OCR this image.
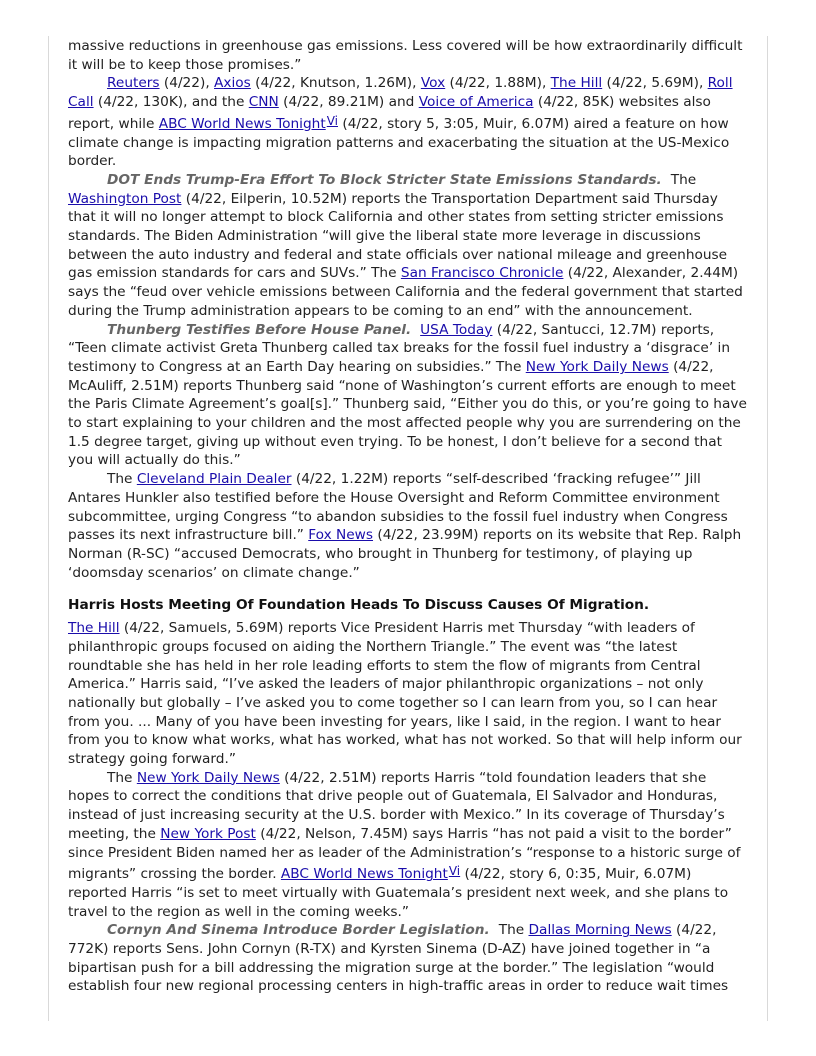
massive reductions in greenhouse gas emissions. Less covered will be how extraordinarily difficult it will be to keep those promises.”

Reuters (4/22), Axios (4/22, Knutson, 1.26M), Vox (4/22, 1.88M), The Hill (4/22, 5.69M), Roll Call (4/22, 130K), and the CNN (4/22, 89.21M) and Voice of America (4/22, 85K) websites also report, while ABC World News TonightVi (4/22, story 5, 3:05, Muir, 6.07M) aired a feature on how climate change is impacting migration patterns and exacerbating the situation at the US-Mexico border.

DOT Ends Trump-Era Effort To Block Stricter State Emissions Standards. The Washington Post (4/22, Eilperin, 10.52M) reports the Transportation Department said Thursday that it will no longer attempt to block California and other states from setting stricter emissions standards. The Biden Administration “will give the liberal state more leverage in discussions between the auto industry and federal and state officials over national mileage and greenhouse gas emission standards for cars and SUVs.” The San Francisco Chronicle (4/22, Alexander, 2.44M) says the “feud over vehicle emissions between California and the federal government that started during the Trump administration appears to be coming to an end” with the announcement.

Thunberg Testifies Before House Panel. USA Today (4/22, Santucci, 12.7M) reports, “Teen climate activist Greta Thunberg called tax breaks for the fossil fuel industry a ‘disgrace’ in testimony to Congress at an Earth Day hearing on subsidies.” The New York Daily News (4/22, McAuliff, 2.51M) reports Thunberg said “none of Washington’s current efforts are enough to meet the Paris Climate Agreement’s goal[s].” Thunberg said, “Either you do this, or you’re going to have to start explaining to your children and the most affected people why you are surrendering on the 1.5 degree target, giving up without even trying. To be honest, I don’t believe for a second that you will actually do this.”

The Cleveland Plain Dealer (4/22, 1.22M) reports “self-described ‘fracking refugee’” Jill Antares Hunkler also testified before the House Oversight and Reform Committee environment subcommittee, urging Congress “to abandon subsidies to the fossil fuel industry when Congress passes its next infrastructure bill.” Fox News (4/22, 23.99M) reports on its website that Rep. Ralph Norman (R-SC) “accused Democrats, who brought in Thunberg for testimony, of playing up ‘doomsday scenarios’ on climate change.”

Harris Hosts Meeting Of Foundation Heads To Discuss Causes Of Migration.

The Hill (4/22, Samuels, 5.69M) reports Vice President Harris met Thursday “with leaders of philanthropic groups focused on aiding the Northern Triangle.” The event was “the latest roundtable she has held in her role leading efforts to stem the flow of migrants from Central America.” Harris said, “I’ve asked the leaders of major philanthropic organizations – not only nationally but globally – I’ve asked you to come together so I can learn from you, so I can hear from you. ... Many of you have been investing for years, like I said, in the region. I want to hear from you to know what works, what has worked, what has not worked. So that will help inform our strategy going forward.”

The New York Daily News (4/22, 2.51M) reports Harris “told foundation leaders that she hopes to correct the conditions that drive people out of Guatemala, El Salvador and Honduras, instead of just increasing security at the U.S. border with Mexico.” In its coverage of Thursday’s meeting, the New York Post (4/22, Nelson, 7.45M) says Harris “has not paid a visit to the border” since President Biden named her as leader of the Administration’s “response to a historic surge of migrants” crossing the border. ABC World News TonightVi (4/22, story 6, 0:35, Muir, 6.07M) reported Harris “is set to meet virtually with Guatemala’s president next week, and she plans to travel to the region as well in the coming weeks.”

Cornyn And Sinema Introduce Border Legislation. The Dallas Morning News (4/22, 772K) reports Sens. John Cornyn (R-TX) and Kyrsten Sinema (D-AZ) have joined together in “a bipartisan push for a bill addressing the migration surge at the border.” The legislation “would establish four new regional processing centers in high-traffic areas in order to reduce wait times
